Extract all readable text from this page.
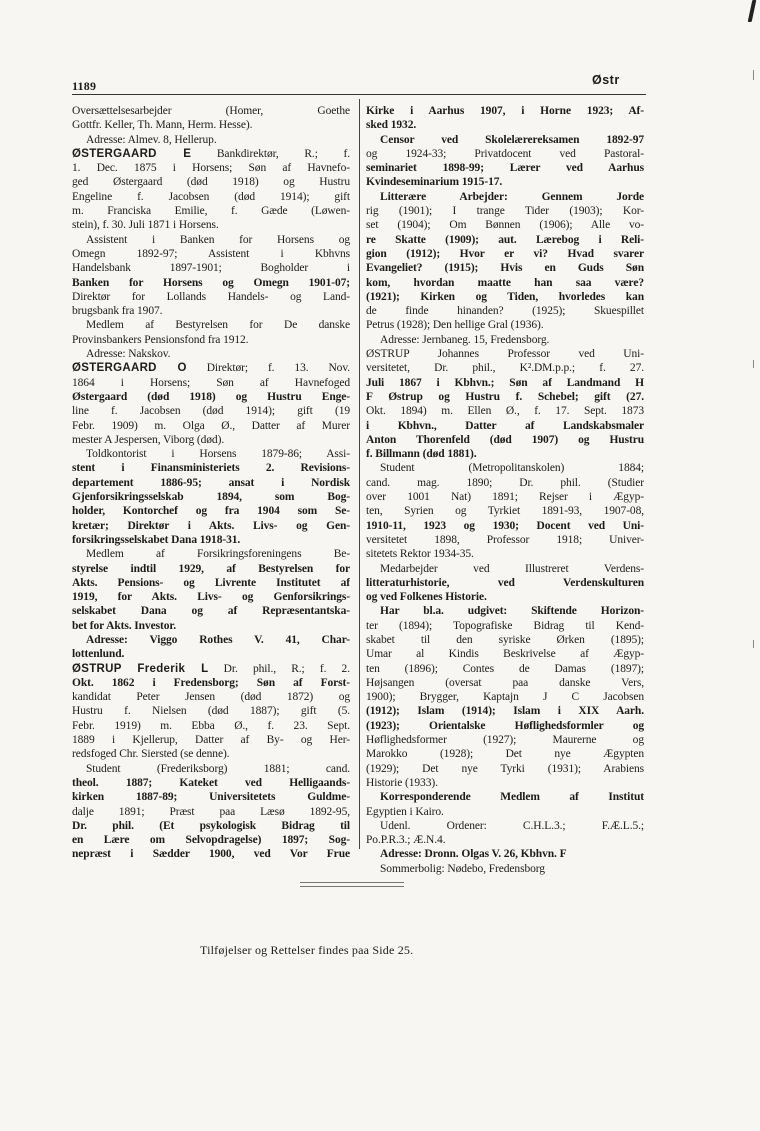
1189	Østr
Oversættelsesarbejder (Homer, Goethe
Gottfr. Keller, Th. Mann, Herm. Hesse).
Adresse: Almev. 8, Hellerup.
ØSTERGAARD E Bankdirektør, R.; f.
1. Dec. 1875 i Horsens; Søn af Havnefo-
ged Østergaard (død 1918) og Hustru
Engeline f. Jacobsen (død 1914); gift
m. Franciska Emilie, f. Gæde (Løwen-
stein), f. 30. Juli 1871 i Horsens.
Assistent i Banken for Horsens og
Omegn 1892-97; Assistent i Kbhvns
Handelsbank 1897-1901; Bogholder i
Banken for Horsens og Omegn 1901-07;
Direktør for Lollands Handels- og Land-
brugsbank fra 1907.
Medlem af Bestyrelsen for De danske
Provinsbankers Pensionsfond fra 1912.
Adresse: Nakskov.
ØSTERGAARD O Direktør; f. 13. Nov.
1864 i Horsens; Søn af Havnefoged
Østergaard (død 1918) og Hustru Enge-
line f. Jacobsen (død 1914); gift (19
Febr. 1909) m. Olga Ø., Datter af Murer
mester A Jespersen, Viborg (død).
Toldkontorist i Horsens 1879-86; Assi-
stent i Finansministeriets 2. Revisions-
departement 1886-95; ansat i Nordisk
Gjenforsikringsselskab 1894, som Bog-
holder, Kontorchef og fra 1904 som Se-
kretær; Direktør i Akts. Livs- og Gen-
forsikringsselskabet Dana 1918-31.
Medlem af Forsikringsforeningens Be-
styrelse indtil 1929, af Bestyrelsen for
Akts. Pensions- og Livrente Institutet af
1919, for Akts. Livs- og Genforsikrings-
selskabet Dana og af Repræsentantska-
bet for Akts. Investor.
Adresse: Viggo Rothes V. 41, Char-
lottenlund.
ØSTRUP Frederik L Dr. phil., R.; f. 2.
Okt. 1862 i Fredensborg; Søn af Forst-
kandidat Peter Jensen (død 1872) og
Hustru f. Nielsen (død 1887); gift (5.
Febr. 1919) m. Ebba Ø., f. 23. Sept.
1889 i Kjellerup, Datter af By- og Her-
redsfoged Chr. Siersted (se denne).
Student (Frederiksborg) 1881; cand.
theol. 1887; Kateket ved Helligaands-
kirken 1887-89; Universitetets Guldme-
dalje 1891; Præst paa Læsø 1892-95,
Dr. phil. (Et psykologisk Bidrag til
en Lære om Selvopdragelse) 1897; Sog-
nepræst i Sædder 1900, ved Vor Frue
Kirke i Aarhus 1907, i Horne 1923; Af-
sked 1932.
Censor ved Skolelærereksamen 1892-97
og 1924-33; Privatdocent ved Pastoral-
seminariet 1898-99; Lærer ved Aarhus
Kvindeseminarium 1915-17.
Litterære Arbejder: Gennem Jorde
rig (1901); I trange Tider (1903); Kor-
set (1904); Om Bønnen (1906); Alle vo-
re Skatte (1909); aut. Lærebog i Reli-
gion (1912); Hvor er vi? Hvad svarer
Evangeliet? (1915); Hvis en Guds Søn
kom, hvordan maatte han saa være?
(1921); Kirken og Tiden, hvorledes kan
de finde hinanden? (1925); Skuespillet
Petrus (1928); Den hellige Gral (1936).
Adresse: Jernbaneg. 15, Fredensborg.
ØSTRUP Johannes Professor ved Uni-
versitetet, Dr. phil., K².DM.p.p.; f. 27.
Juli 1867 i Kbhvn.; Søn af Landmand H
F Østrup og Hustru f. Schebel; gift (27.
Okt. 1894) m. Ellen Ø., f. 17. Sept. 1873
i Kbhvn., Datter af Landskabsmaler
Anton Thorenfeld (død 1907) og Hustru
f. Billmann (død 1881).
Student (Metropolitanskolen) 1884;
cand. mag. 1890; Dr. phil. (Studier
over 1001 Nat) 1891; Rejser i Ægyp-
ten, Syrien og Tyrkiet 1891-93, 1907-08,
1910-11, 1923 og 1930; Docent ved Uni-
versitetet 1898, Professor 1918; Univer-
sitetets Rektor 1934-35.
Medarbejder ved Illustreret Verdens-
litteraturhistorie, ved Verdenskulturen
og ved Folkenes Historie.
Har bl.a. udgivet: Skiftende Horizon-
ter (1894); Topografiske Bidrag til Kend-
skabet til den syriske Ørken (1895);
Umar al Kindis Beskrivelse af Ægyp-
ten (1896); Contes de Damas (1897);
Højsangen (oversat paa danske Vers,
1900); Brygger, Kaptajn J C Jacobsen
(1912); Islam (1914); Islam i XIX Aarh.
(1923); Orientalske Høflighedsformler og
Høflighedsformer (1927); Maurerne og
Marokko (1928); Det nye Ægypten
(1929); Det nye Tyrki (1931); Arabiens
Historie (1933).
Korresponderende Medlem af Institut
Egyptien i Kairo.
Udenl. Ordener: C.H.L.3.; F.Æ.L.5.;
Po.P.R.3.; Æ.N.4.
Adresse: Dronn. Olgas V. 26, Kbhvn. F
Sommerbolig: Nødebo, Fredensborg
Tilføjelser og Rettelser findes paa Side 25.
